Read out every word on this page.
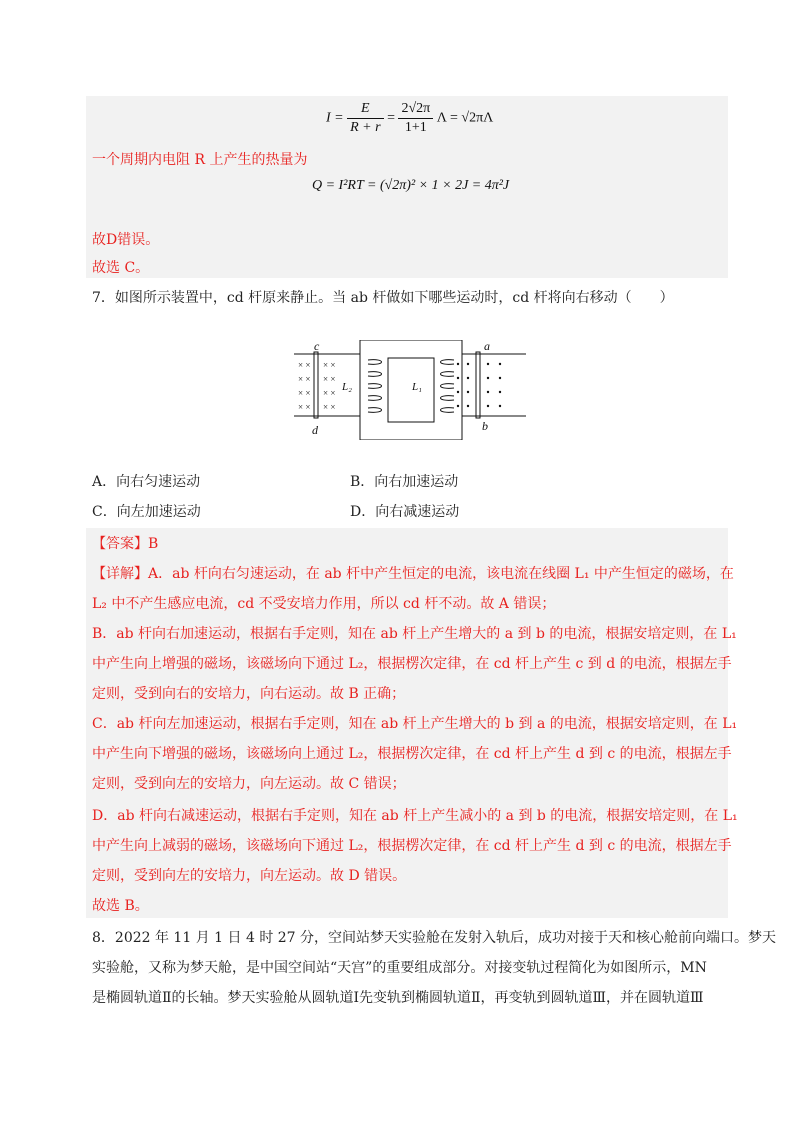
$I = \frac{E}{R + r} = \frac{2√2\pi}{1+1}$ Λ = √2πΛ
一个周期内电阻 R 上产生的热量为
Q = I²RT = (√2π)² × 1 × 2J = 4π²J
故D错误。
故选 C。
7．如图所示装置中，cd 杆原来静止。当 ab 杆做如下哪些运动时，cd 杆将向右移动（　　）
× ×
× ×
× ×
× ×
× ×
× ×
× ×
× ×
c
d
a
b
L₂	L₁
A．向右匀速运动	B．向右加速运动
C．向左加速运动	D．向右减速运动
【答案】B
【详解】A．ab 杆向右匀速运动，在 ab 杆中产生恒定的电流，该电流在线圈 L₁ 中产生恒定的磁场，在
L₂ 中不产生感应电流，cd 不受安培力作用，所以 cd 杆不动。故 A 错误；
B．ab 杆向右加速运动，根据右手定则，知在 ab 杆上产生增大的 a 到 b 的电流，根据安培定则，在 L₁
中产生向上增强的磁场，该磁场向下通过 L₂，根据楞次定律，在 cd 杆上产生 c 到 d 的电流，根据左手
定则，受到向右的安培力，向右运动。故 B 正确；
C．ab 杆向左加速运动，根据右手定则，知在 ab 杆上产生增大的 b 到 a 的电流，根据安培定则，在 L₁
中产生向下增强的磁场，该磁场向上通过 L₂，根据楞次定律，在 cd 杆上产生 d 到 c 的电流，根据左手
定则，受到向左的安培力，向左运动。故 C 错误；
D．ab 杆向右减速运动，根据右手定则，知在 ab 杆上产生减小的 a 到 b 的电流，根据安培定则，在 L₁
中产生向上减弱的磁场，该磁场向下通过 L₂，根据楞次定律，在 cd 杆上产生 d 到 c 的电流，根据左手
定则，受到向左的安培力，向左运动。故 D 错误。
故选 B。
8．2022 年 11 月 1 日 4 时 27 分，空间站梦天实验舱在发射入轨后，成功对接于天和核心舱前向端口。梦天
实验舱，又称为梦天舱，是中国空间站“天宫”的重要组成部分。对接变轨过程简化为如图所示，MN
是椭圆轨道Ⅱ的长轴。梦天实验舱从圆轨道Ⅰ先变轨到椭圆轨道Ⅱ，再变轨到圆轨道Ⅲ，并在圆轨道Ⅲ
